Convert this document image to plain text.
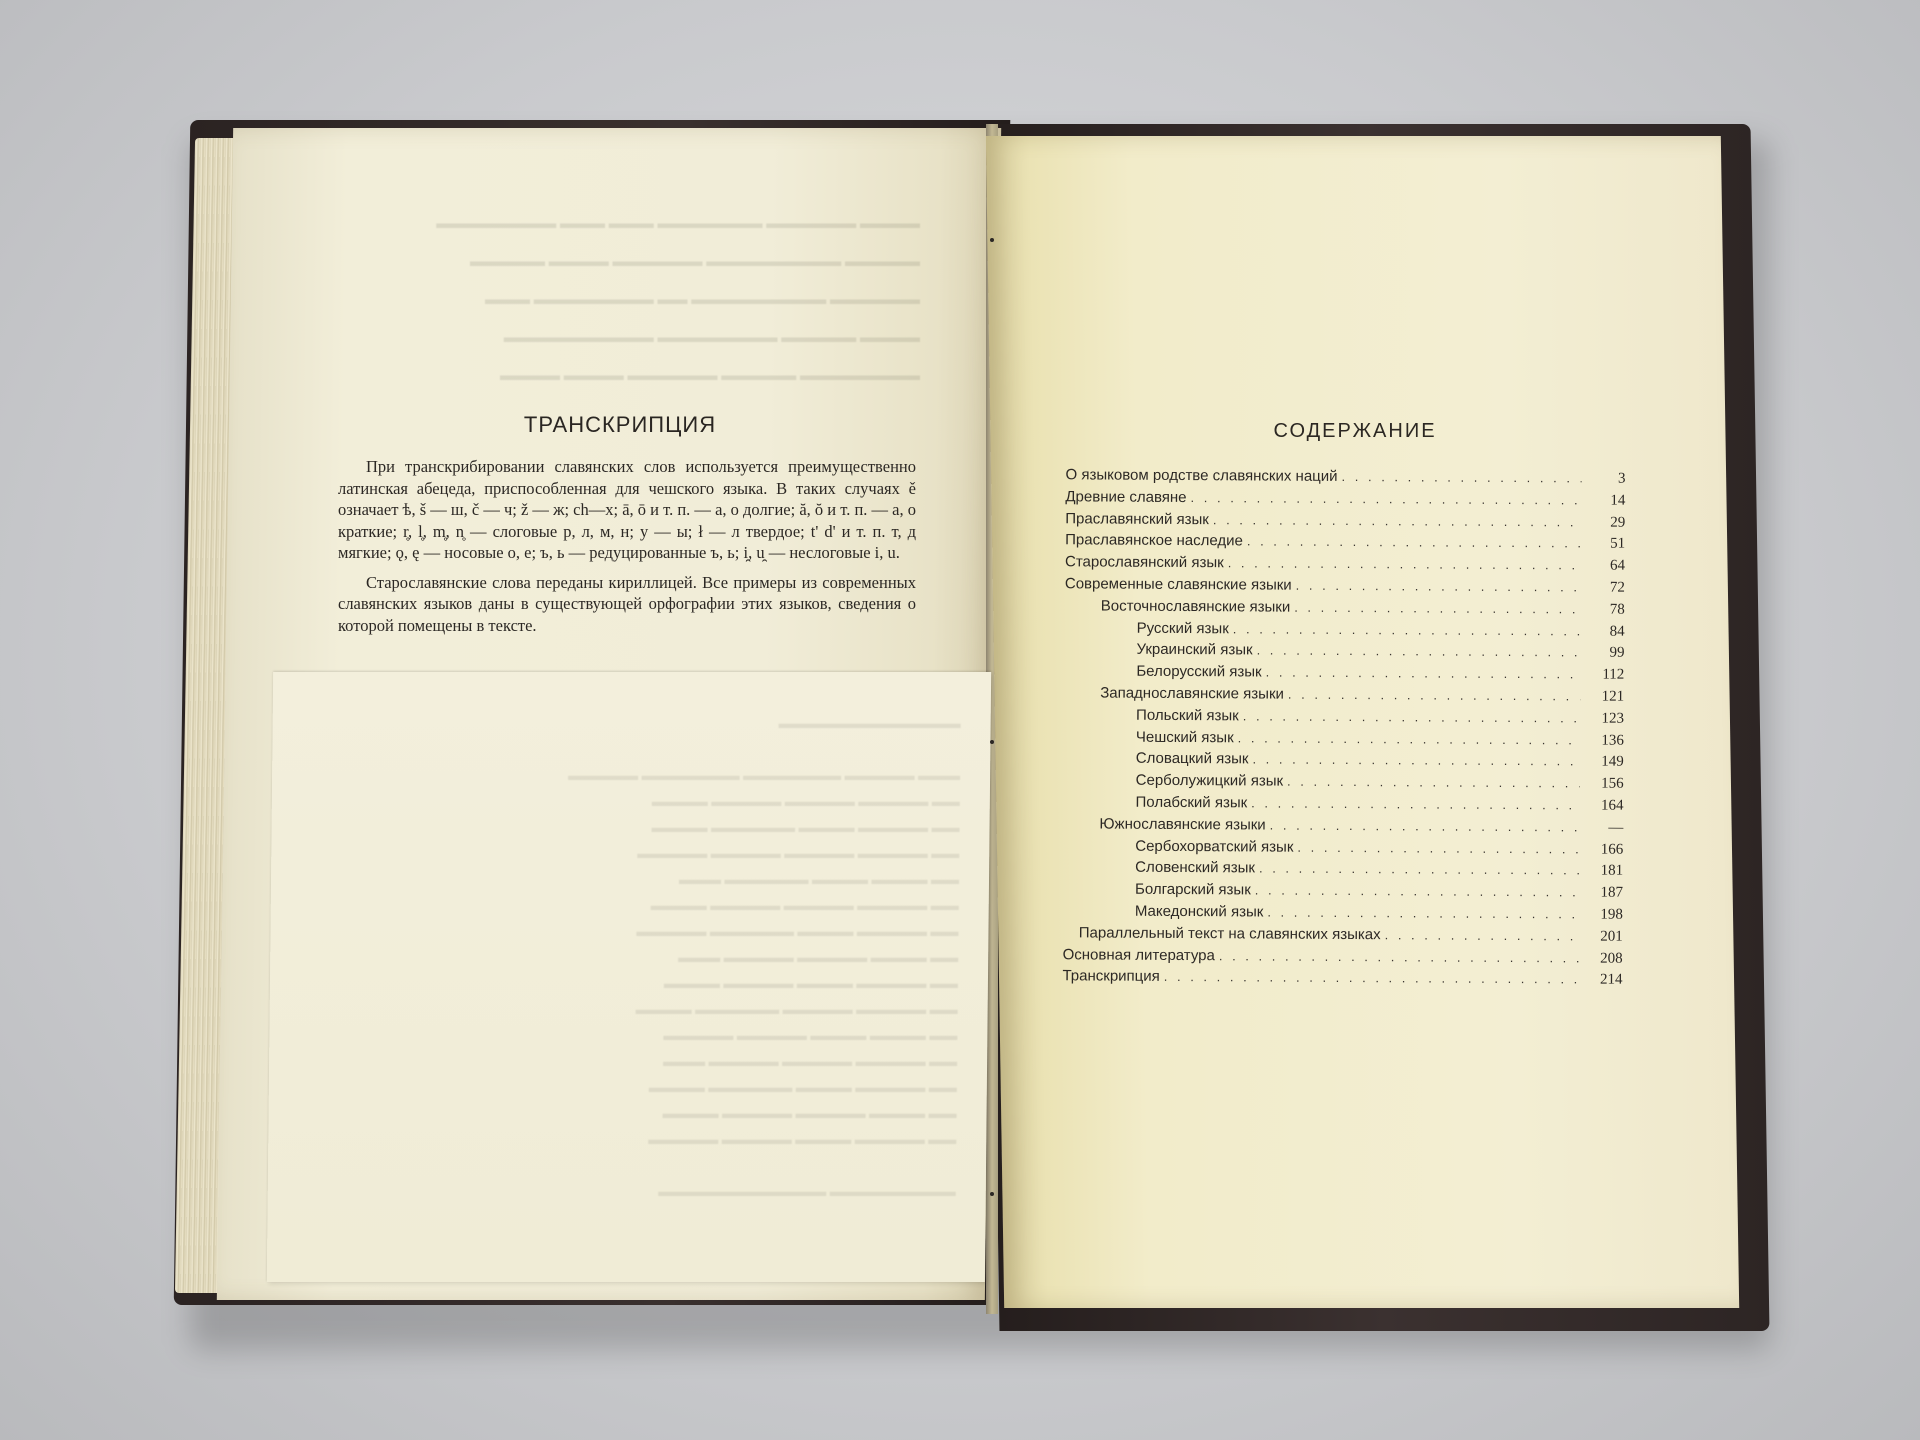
▬▬▬▬ ▬▬▬▬▬▬ ▬▬▬▬▬▬▬ ▬▬▬ ▬▬▬ ▬▬▬▬▬▬▬▬
▬▬▬▬▬ ▬▬▬▬▬▬▬▬▬ ▬▬▬▬▬▬ ▬▬▬▬ ▬▬▬▬▬
▬▬▬▬▬▬ ▬▬▬▬▬▬▬▬▬ ▬▬ ▬▬▬▬▬▬▬▬ ▬▬▬
▬▬▬▬ ▬▬▬▬▬ ▬▬▬▬▬▬▬▬ ▬▬▬▬▬▬▬▬▬▬
▬▬▬▬▬▬▬▬ ▬▬▬▬▬ ▬▬▬▬▬▬ ▬▬▬▬ ▬▬▬▬
ТРАНСКРИПЦИЯ

При транскрибировании славянских слов используется преимущественно латинская абецеда, приспособленная для чешского языка. В таких случаях ě означает ѣ, š — ш, č — ч; ž — ж; ch—х; ā, ō и т. п. — а, о долгие; ă, ŏ и т. п. — а, о краткие; r̥, l̥, m̥, n̥ — слоговые р, л, м, н; y — ы; ł — л твердое; t' d' и т. п. т, д мягкие; ǫ, ę — носовые о, е; ъ, ь — редуцированные ъ, ь; i̯, u̯ — неслоговые i, u.

Старославянские слова переданы кириллицей. Все примеры из современных славянских языков даны в существующей орфографии этих языков, сведения о которой помещены в тексте.

▬▬▬▬▬▬▬▬▬▬▬▬▬

▬▬▬ ▬▬▬▬▬ ▬▬▬▬▬▬▬ ▬▬▬▬▬▬▬ ▬▬▬▬▬
▬▬ ▬▬▬▬▬ ▬▬▬▬▬ ▬▬▬▬▬ ▬▬▬▬
▬▬ ▬▬▬▬▬ ▬▬▬▬ ▬▬▬▬▬▬ ▬▬▬▬
▬▬ ▬▬▬▬▬ ▬▬▬▬▬ ▬▬▬▬▬ ▬▬▬▬▬
▬▬ ▬▬▬▬ ▬▬▬▬ ▬▬▬▬▬▬ ▬▬▬
▬▬ ▬▬▬▬▬ ▬▬▬▬▬ ▬▬▬▬▬ ▬▬▬▬
▬▬ ▬▬▬▬▬ ▬▬▬▬ ▬▬▬▬▬▬ ▬▬▬▬▬
▬▬ ▬▬▬▬ ▬▬▬▬▬ ▬▬▬▬▬ ▬▬▬
▬▬ ▬▬▬▬▬ ▬▬▬▬ ▬▬▬▬▬ ▬▬▬▬
▬▬ ▬▬▬▬▬ ▬▬▬▬▬ ▬▬▬▬▬▬ ▬▬▬▬
▬▬ ▬▬▬▬ ▬▬▬▬ ▬▬▬▬▬ ▬▬▬▬▬
▬▬ ▬▬▬▬▬ ▬▬▬▬▬ ▬▬▬▬▬ ▬▬▬
▬▬ ▬▬▬▬▬ ▬▬▬▬ ▬▬▬▬▬▬ ▬▬▬▬
▬▬ ▬▬▬▬ ▬▬▬▬▬ ▬▬▬▬▬ ▬▬▬▬
▬▬ ▬▬▬▬▬ ▬▬▬▬ ▬▬▬▬▬ ▬▬▬▬▬

▬▬▬▬▬▬▬▬▬ ▬▬▬▬▬▬▬▬▬▬▬▬
СОДЕРЖАНИЕ
О языковом родстве славянских наций . . .	3
Древние славяне . . .	14
Праславянский язык . . .	29
Праславянское наследие . . .	51
Старославянский язык . . .	64
Современные славянские языки . . .	72
Восточнославянские языки . . .	78
Русский язык . . .	84
Украинский язык . . .	99
Белорусский язык . . .	112
Западнославянские языки . . .	121
Польский язык . . .	123
Чешский язык . . .	136
Словацкий язык . . .	149
Серболужицкий язык . . .	156
Полабский язык . . .	164
Южнославянские языки . . .	—
Сербохорватский язык . . .	166
Словенский язык . . .	181
Болгарский язык . . .	187
Македонский язык . . .	198
Параллельный текст на славянских языках . . .	201
Основная литература . . .	208
Транскрипция . . .	214
